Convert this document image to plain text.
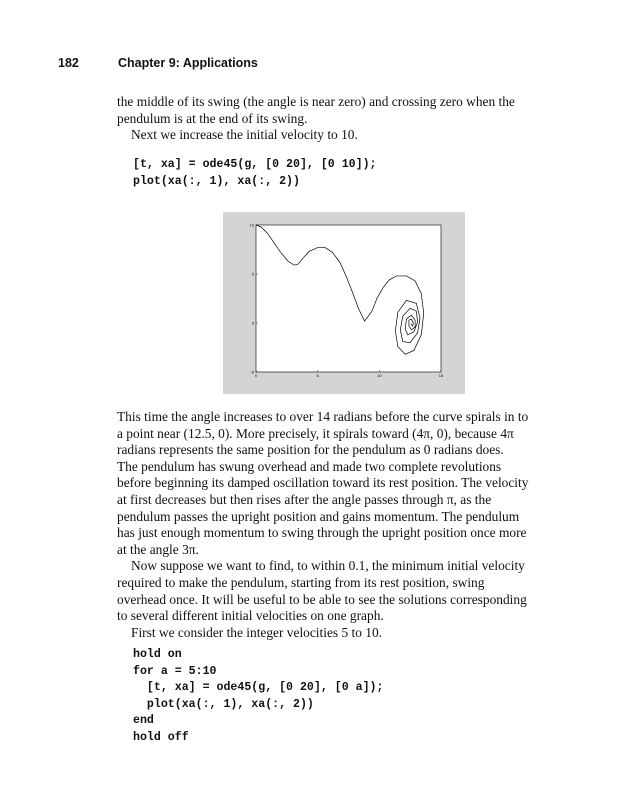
182	Chapter 9: Applications

the middle of its swing (the angle is near zero) and crossing zero when the

pendulum is at the end of its swing.

Next we increase the initial velocity to 10.

[t, xa] = ode45(g, [0 20], [0 10]);
plot(xa(:, 1), xa(:, 2))
0	5	10	15
-5
0
5
10

This time the angle increases to over 14 radians before the curve spirals in to

a point near (12.5, 0). More precisely, it spirals toward (4π, 0), because 4π

radians represents the same position for the pendulum as 0 radians does.

The pendulum has swung overhead and made two complete revolutions

before beginning its damped oscillation toward its rest position. The velocity

at first decreases but then rises after the angle passes through π, as the

pendulum passes the upright position and gains momentum. The pendulum

has just enough momentum to swing through the upright position once more

at the angle 3π.

Now suppose we want to find, to within 0.1, the minimum initial velocity

required to make the pendulum, starting from its rest position, swing

overhead once. It will be useful to be able to see the solutions corresponding

to several different initial velocities on one graph.

First we consider the integer velocities 5 to 10.

hold on
for a = 5:10
[t, xa] = ode45(g, [0 20], [0 a]);
plot(xa(:, 1), xa(:, 2))
end
hold off
